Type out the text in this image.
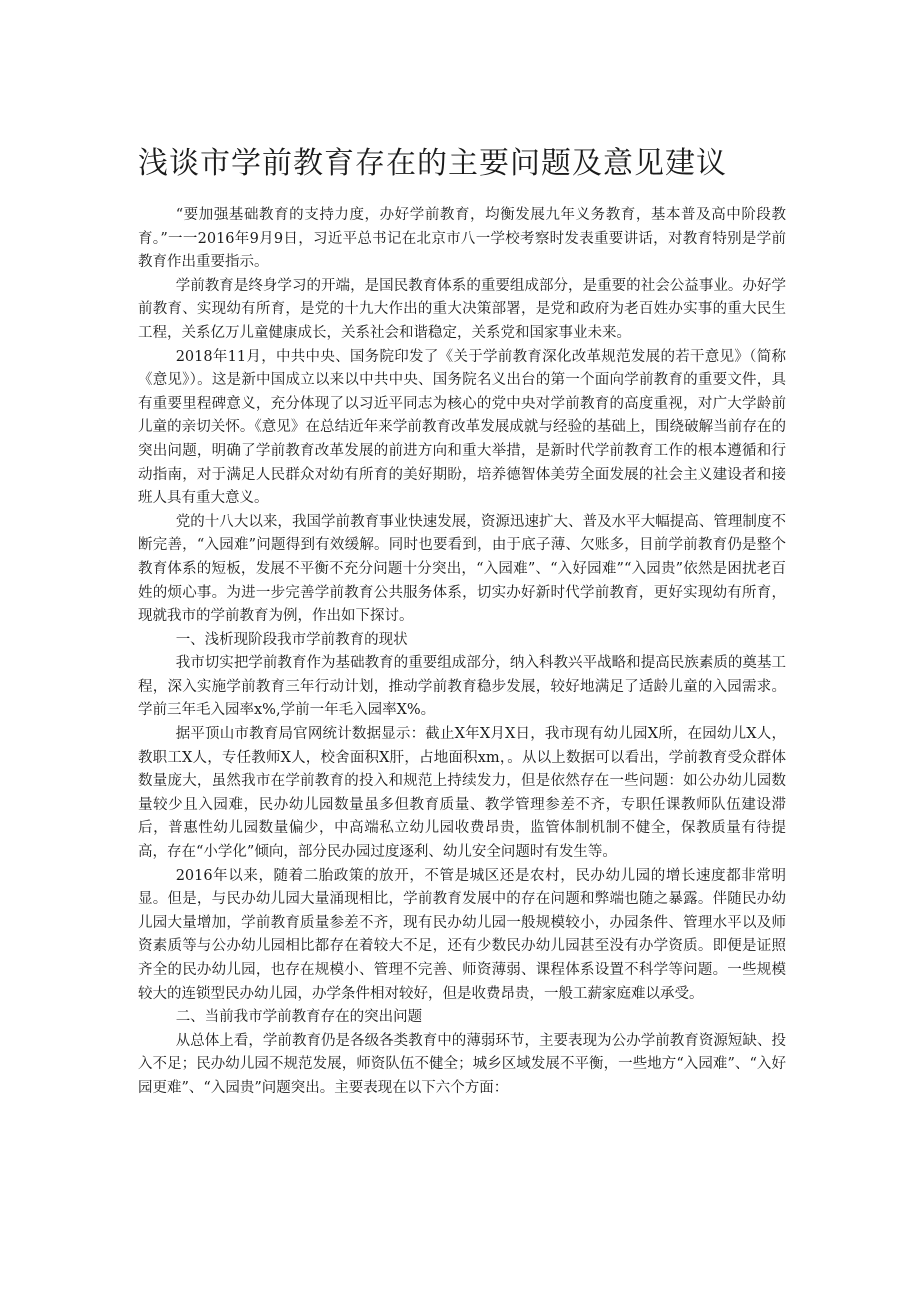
浅谈市学前教育存在的主要问题及意见建议

“要加强基础教育的支持力度，办好学前教育，均衡发展九年义务教育，基本普及高中阶段教育。”一一2016年9月9日，习近平总书记在北京市八一学校考察时发表重要讲话，对教育特别是学前教育作出重要指示。

学前教育是终身学习的开端，是国民教育体系的重要组成部分，是重要的社会公益事业。办好学前教育、实现幼有所育，是党的十九大作出的重大决策部署，是党和政府为老百姓办实事的重大民生工程，关系亿万儿童健康成长，关系社会和谐稳定，关系党和国家事业未来。

2018年11月，中共中央、国务院印发了《关于学前教育深化改革规范发展的若干意见》（简称《意见》）。这是新中国成立以来以中共中央、国务院名义出台的第一个面向学前教育的重要文件，具有重要里程碑意义，充分体现了以习近平同志为核心的党中央对学前教育的高度重视，对广大学龄前儿童的亲切关怀。《意见》在总结近年来学前教育改革发展成就与经验的基础上，围绕破解当前存在的突出问题，明确了学前教育改革发展的前进方向和重大举措，是新时代学前教育工作的根本遵循和行动指南，对于满足人民群众对幼有所育的美好期盼，培养德智体美劳全面发展的社会主义建设者和接班人具有重大意义。

党的十八大以来，我国学前教育事业快速发展，资源迅速扩大、普及水平大幅提高、管理制度不断完善，“入园难”问题得到有效缓解。同时也要看到，由于底子薄、欠账多，目前学前教育仍是整个教育体系的短板，发展不平衡不充分问题十分突出，“入园难”、“入好园难”“入园贵”依然是困扰老百姓的烦心事。为进一步完善学前教育公共服务体系，切实办好新时代学前教育，更好实现幼有所育，现就我市的学前教育为例，作出如下探讨。

一、浅析现阶段我市学前教育的现状

我市切实把学前教育作为基础教育的重要组成部分，纳入科教兴平战略和提高民族素质的奠基工程，深入实施学前教育三年行动计划，推动学前教育稳步发展，较好地满足了适龄儿童的入园需求。学前三年毛入园率x%,学前一年毛入园率X%。

据平顶山市教育局官网统计数据显示：截止X年X月X日，我市现有幼儿园X所，在园幼儿X人，教职工X人，专任教师X人，校舍面积X肝，占地面积xm，。从以上数据可以看出，学前教育受众群体数量庞大，虽然我市在学前教育的投入和规范上持续发力，但是依然存在一些问题：如公办幼儿园数量较少且入园难，民办幼儿园数量虽多但教育质量、教学管理参差不齐，专职任课教师队伍建设滞后，普惠性幼儿园数量偏少，中高端私立幼儿园收费昂贵，监管体制机制不健全，保教质量有待提高，存在“小学化”倾向，部分民办园过度逐利、幼儿安全问题时有发生等。

2016年以来，随着二胎政策的放开，不管是城区还是农村，民办幼儿园的增长速度都非常明显。但是，与民办幼儿园大量涌现相比，学前教育发展中的存在问题和弊端也随之暴露。伴随民办幼儿园大量增加，学前教育质量参差不齐，现有民办幼儿园一般规模较小，办园条件、管理水平以及师资素质等与公办幼儿园相比都存在着较大不足，还有少数民办幼儿园甚至没有办学资质。即便是证照齐全的民办幼儿园，也存在规模小、管理不完善、师资薄弱、课程体系设置不科学等问题。一些规模较大的连锁型民办幼儿园，办学条件相对较好，但是收费昂贵，一般工薪家庭难以承受。

二、当前我市学前教育存在的突出问题

从总体上看，学前教育仍是各级各类教育中的薄弱环节，主要表现为公办学前教育资源短缺、投入不足；民办幼儿园不规范发展，师资队伍不健全；城乡区域发展不平衡，一些地方“入园难”、“入好园更难”、“入园贵”问题突出。主要表现在以下六个方面：
